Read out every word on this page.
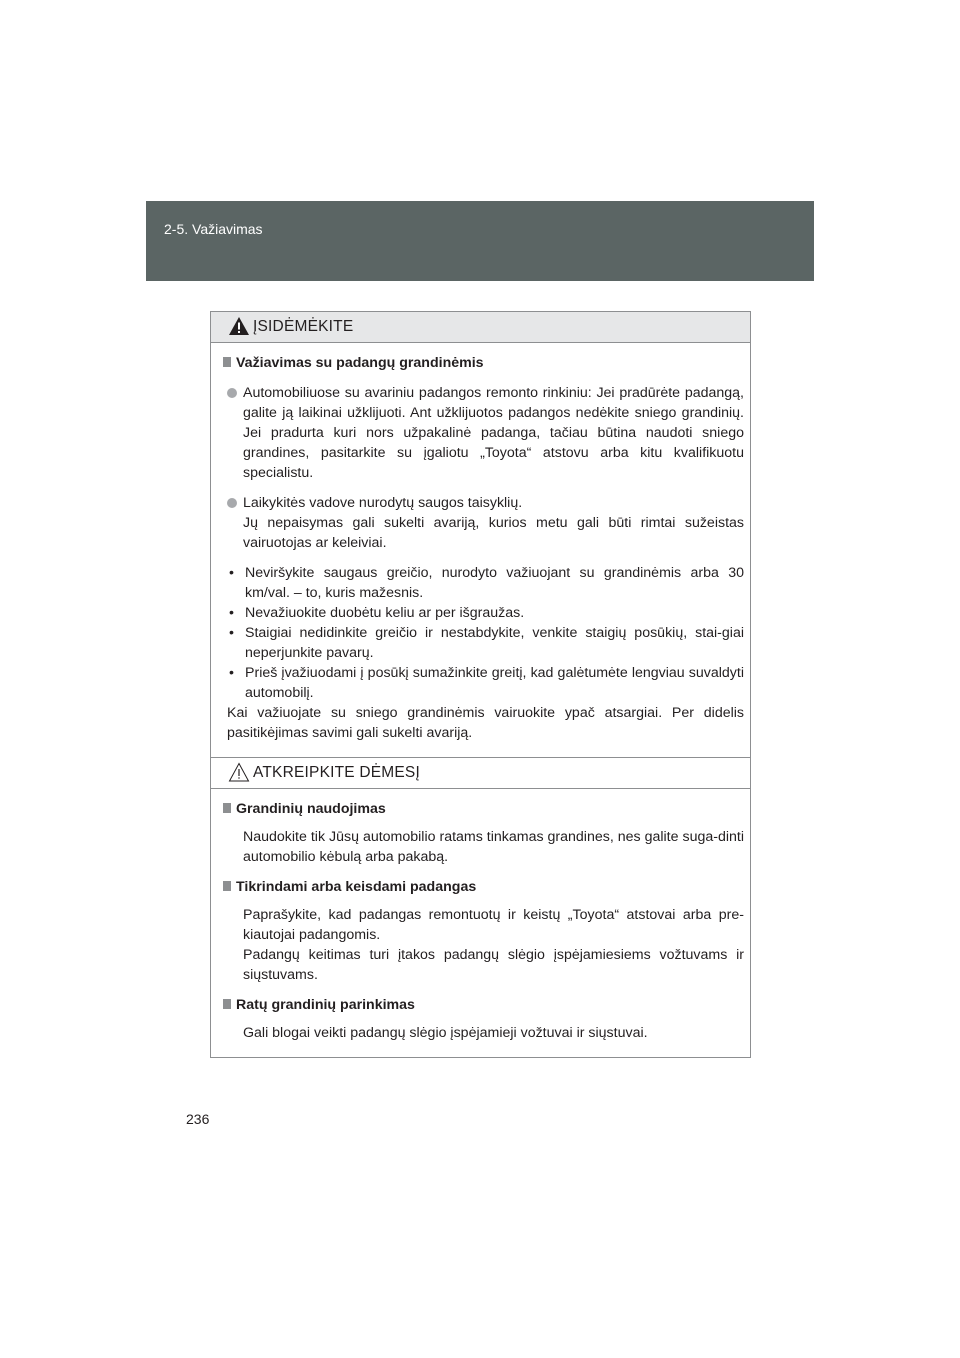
2-5. Važiavimas
ĮSIDĖMĖKITE
Važiavimas su padangų grandinėmis
Automobiliuose su avariniu padangos remonto rinkiniu: Jei pradūrėte padangą, galite ją laikinai užklijuoti. Ant užklijuotos padangos nedėkite sniego grandinių. Jei pradurta kuri nors užpakalinė padanga, tačiau būtina naudoti sniego grandines, pasitarkite su įgaliotu „Toyota“ atstovu arba kitu kvalifikuotu specialistu.
Laikykitės vadove nurodytų saugos taisyklių.
Jų nepaisymas gali sukelti avariją, kurios metu gali būti rimtai sužeistas vairuotojas ar keleiviai.
• Neviršykite saugaus greičio, nurodyto važiuojant su grandinėmis arba 30 km/val. – to, kuris mažesnis.
• Nevažiuokite duobėtu keliu ar per išgraužas.
• Staigiai nedidinkite greičio ir nestabdykite, venkite staigių posūkių, stai-giai neperjunkite pavarų.
• Prieš įvažiuodami į posūkį sumažinkite greitį, kad galėtumėte lengviau suvaldyti automobilį.
Kai važiuojate su sniego grandinėmis vairuokite ypač atsargiai. Per didelis pasitikėjimas savimi gali sukelti avariją.
ATKREIPKITE DĖMESĮ
Grandinių naudojimas
Naudokite tik Jūsų automobilio ratams tinkamas grandines, nes galite suga-dinti automobilio kėbulą arba pakabą.
Tikrindami arba keisdami padangas
Paprašykite, kad padangas remontuotų ir keistų „Toyota“ atstovai arba pre-kiautojai padangomis.
Padangų keitimas turi įtakos padangų slėgio įspėjamiesiems vožtuvams ir siųstuvams.
Ratų grandinių parinkimas
Gali blogai veikti padangų slėgio įspėjamieji vožtuvai ir siųstuvai.
236
